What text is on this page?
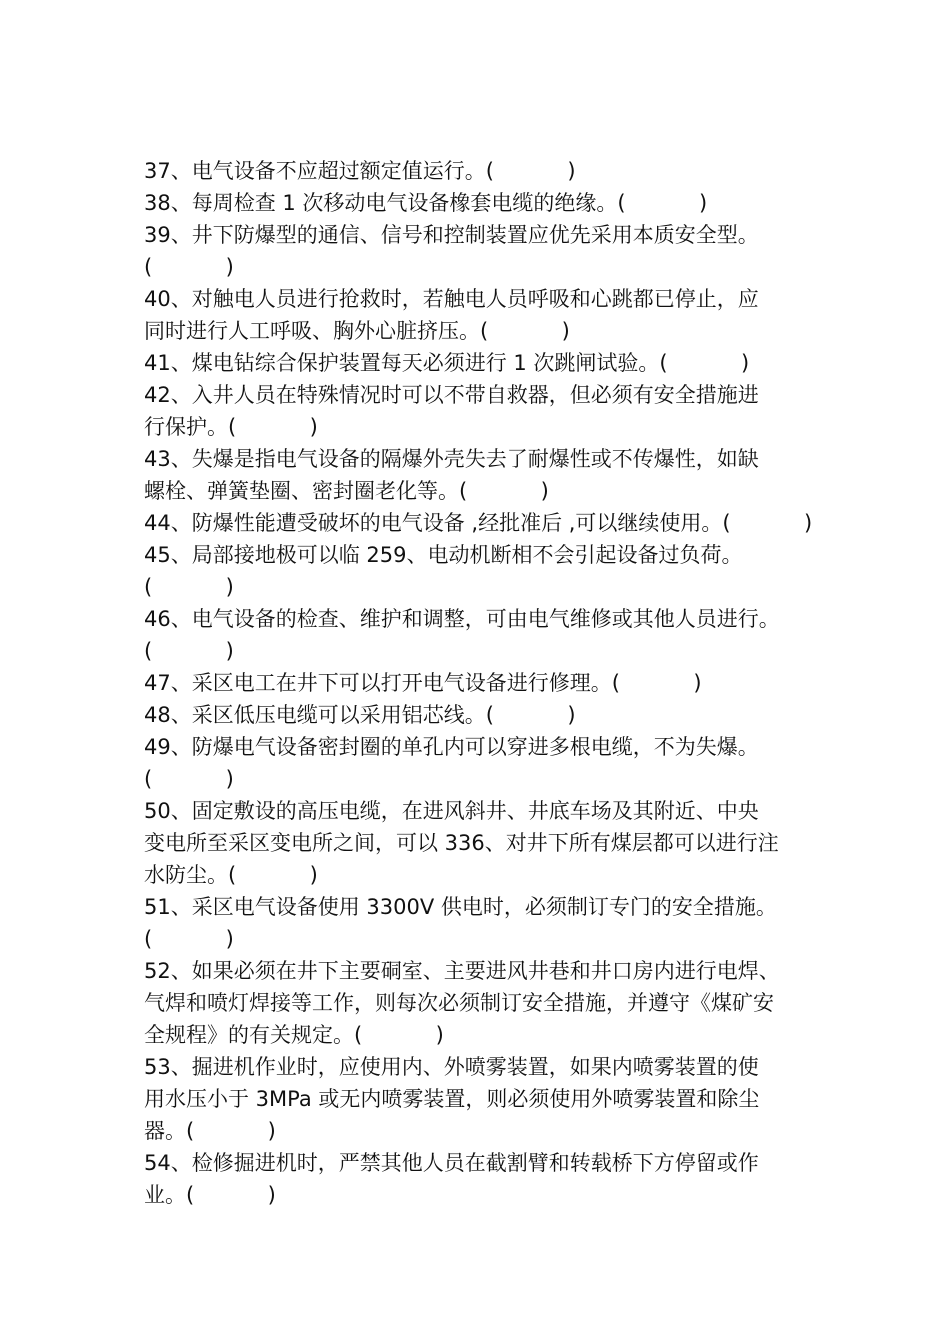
37、电气设备不应超过额定值运行。(           )
38、每周检查 1 次移动电气设备橡套电缆的绝缘。(           )
39、井下防爆型的通信、信号和控制装置应优先采用本质安全型。
(           )
40、对触电人员进行抢救时，若触电人员呼吸和心跳都已停止，应
同时进行人工呼吸、胸外心脏挤压。(           )
41、煤电钻综合保护装置每天必须进行 1 次跳闸试验。(           )
42、入井人员在特殊情况时可以不带自救器，但必须有安全措施进
行保护。(           )
43、失爆是指电气设备的隔爆外壳失去了耐爆性或不传爆性，如缺
螺栓、弹簧垫圈、密封圈老化等。(           )
44、防爆性能遭受破坏的电气设备 ,经批准后 ,可以继续使用。(           )
45、局部接地极可以临 259、电动机断相不会引起设备过负荷。
(           )
46、电气设备的检查、维护和调整，可由电气维修或其他人员进行。
(           )
47、采区电工在井下可以打开电气设备进行修理。(           )
48、采区低压电缆可以采用铝芯线。(           )
49、防爆电气设备密封圈的单孔内可以穿进多根电缆，不为失爆。
(           )
50、固定敷设的高压电缆，在进风斜井、井底车场及其附近、中央
变电所至采区变电所之间，可以 336、对井下所有煤层都可以进行注
水防尘。(           )
51、采区电气设备使用 3300V 供电时，必须制订专门的安全措施。
(           )
52、如果必须在井下主要硐室、主要进风井巷和井口房内进行电焊、
气焊和喷灯焊接等工作，则每次必须制订安全措施，并遵守《煤矿安
全规程》的有关规定。(           )
53、掘进机作业时，应使用内、外喷雾装置，如果内喷雾装置的使
用水压小于 3MPa 或无内喷雾装置，则必须使用外喷雾装置和除尘
器。(           )
54、检修掘进机时，严禁其他人员在截割臂和转载桥下方停留或作
业。(           )
